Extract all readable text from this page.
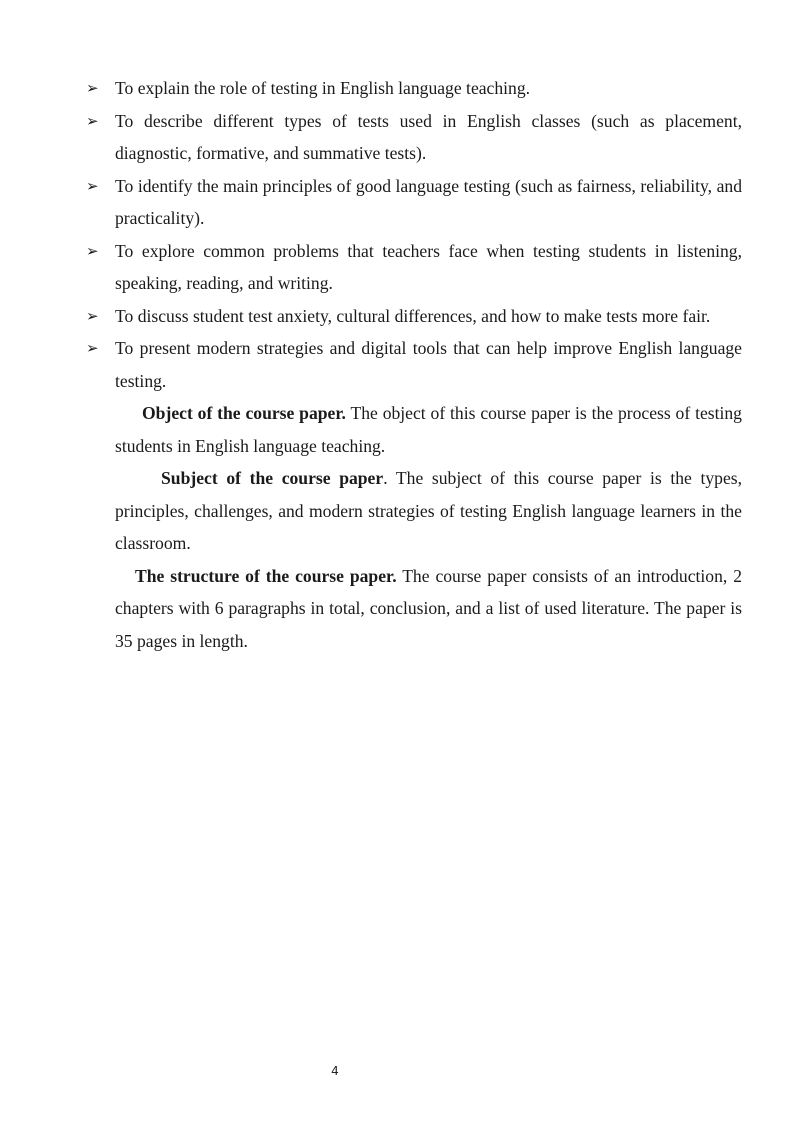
➢ To explain the role of testing in English language teaching.
➢ To describe different types of tests used in English classes (such as placement, diagnostic, formative, and summative tests).
➢ To identify the main principles of good language testing (such as fairness, reliability, and practicality).
➢ To explore common problems that teachers face when testing students in listening, speaking, reading, and writing.
➢ To discuss student test anxiety, cultural differences, and how to make tests more fair.
➢ To present modern strategies and digital tools that can help improve English language testing.

Object of the course paper. The object of this course paper is the process of testing students in English language teaching.

Subject of the course paper. The subject of this course paper is the types, principles, challenges, and modern strategies of testing English language learners in the classroom.

The structure of the course paper. The course paper consists of an introduction, 2 chapters with 6 paragraphs in total, conclusion, and a list of used literature. The paper is 35 pages in length.

4
